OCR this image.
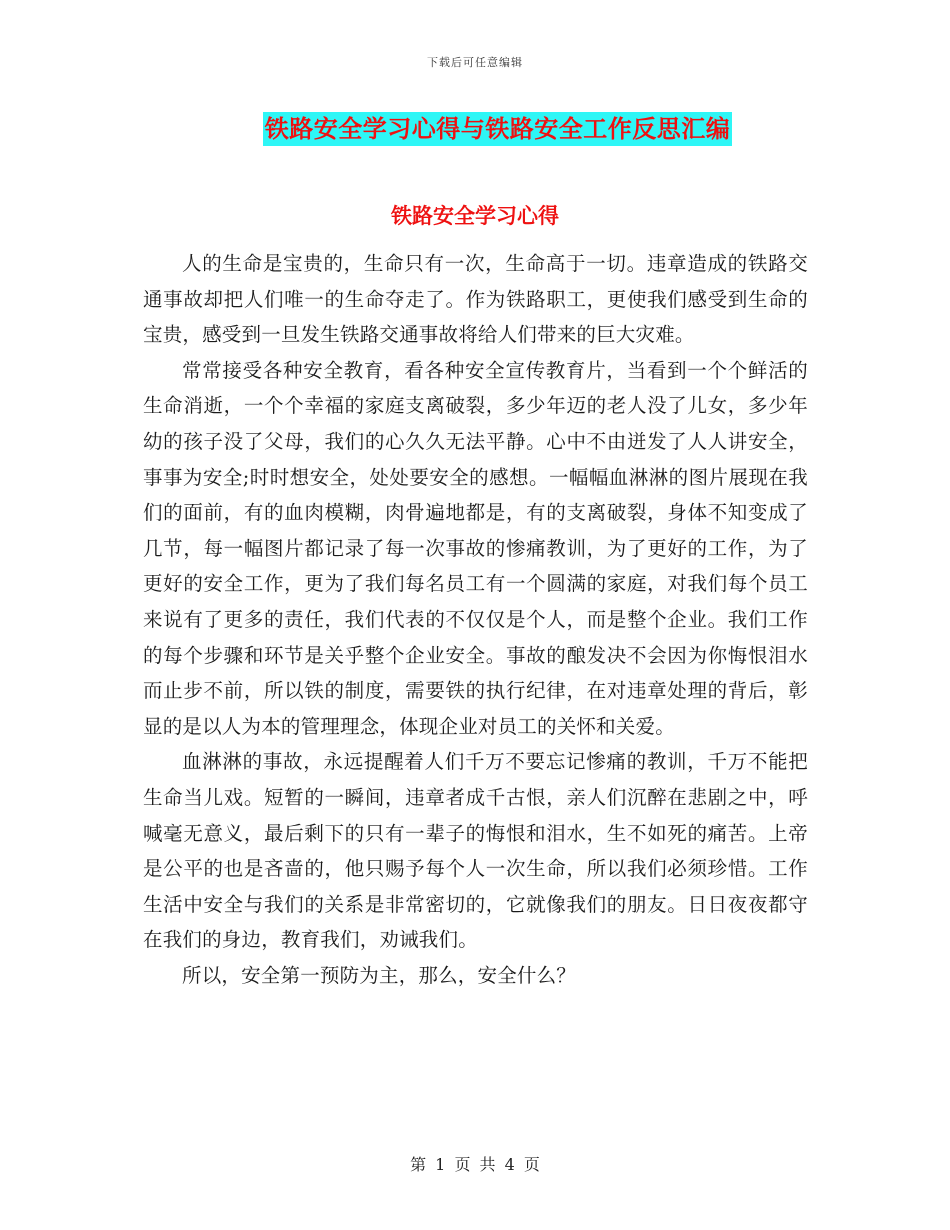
下载后可任意编辑
铁路安全学习心得与铁路安全工作反思汇编
铁路安全学习心得

人的生命是宝贵的，生命只有一次，生命高于一切。违章造成的铁路交通事故却把人们唯一的生命夺走了。作为铁路职工，更使我们感受到生命的宝贵，感受到一旦发生铁路交通事故将给人们带来的巨大灾难。

常常接受各种安全教育，看各种安全宣传教育片，当看到一个个鲜活的生命消逝，一个个幸福的家庭支离破裂，多少年迈的老人没了儿女，多少年幼的孩子没了父母，我们的心久久无法平静。心中不由迸发了人人讲安全，事事为安全;时时想安全，处处要安全的感想。一幅幅血淋淋的图片展现在我们的面前，有的血肉模糊，肉骨遍地都是，有的支离破裂，身体不知变成了几节，每一幅图片都记录了每一次事故的惨痛教训，为了更好的工作，为了更好的安全工作，更为了我们每名员工有一个圆满的家庭，对我们每个员工来说有了更多的责任，我们代表的不仅仅是个人，而是整个企业。我们工作的每个步骤和环节是关乎整个企业安全。事故的酿发决不会因为你悔恨泪水而止步不前，所以铁的制度，需要铁的执行纪律，在对违章处理的背后，彰显的是以人为本的管理理念，体现企业对员工的关怀和关爱。

血淋淋的事故，永远提醒着人们千万不要忘记惨痛的教训，千万不能把生命当儿戏。短暂的一瞬间，违章者成千古恨，亲人们沉醉在悲剧之中，呼喊毫无意义，最后剩下的只有一辈子的悔恨和泪水，生不如死的痛苦。上帝是公平的也是吝啬的，他只赐予每个人一次生命，所以我们必须珍惜。工作生活中安全与我们的关系是非常密切的，它就像我们的朋友。日日夜夜都守在我们的身边，教育我们，劝诫我们。

所以，安全第一预防为主，那么，安全什么？

第 1 页 共 4 页
